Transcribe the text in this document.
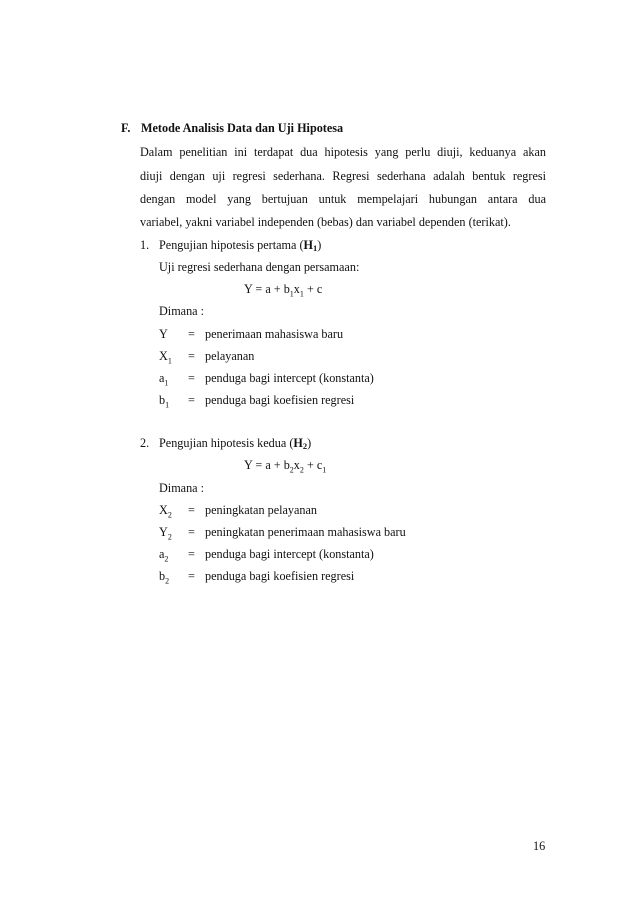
F. Metode Analisis Data dan Uji Hipotesa
Dalam penelitian ini terdapat dua hipotesis yang perlu diuji, keduanya akan
diuji dengan uji regresi sederhana. Regresi sederhana adalah bentuk regresi
dengan model yang bertujuan untuk mempelajari hubungan antara dua
variabel, yakni variabel independen (bebas) dan variabel dependen (terikat).
1. Pengujian hipotesis pertama (H1)
Uji regresi sederhana dengan persamaan:
$Y = a + b_1x_1 + c$
Dimana :
Y = penerimaan mahasiswa baru
$X_1$ = pelayanan
$a_1$ = penduga bagi intercept (konstanta)
$b_1$ = penduga bagi koefisien regresi
2. Pengujian hipotesis kedua (H2)
$Y = a + b_2x_2 + c_1$
Dimana :
$X_2$ = peningkatan pelayanan
$Y_2$ = peningkatan penerimaan mahasiswa baru
$a_2$ = penduga bagi intercept (konstanta)
$b_2$ = penduga bagi koefisien regresi
16
